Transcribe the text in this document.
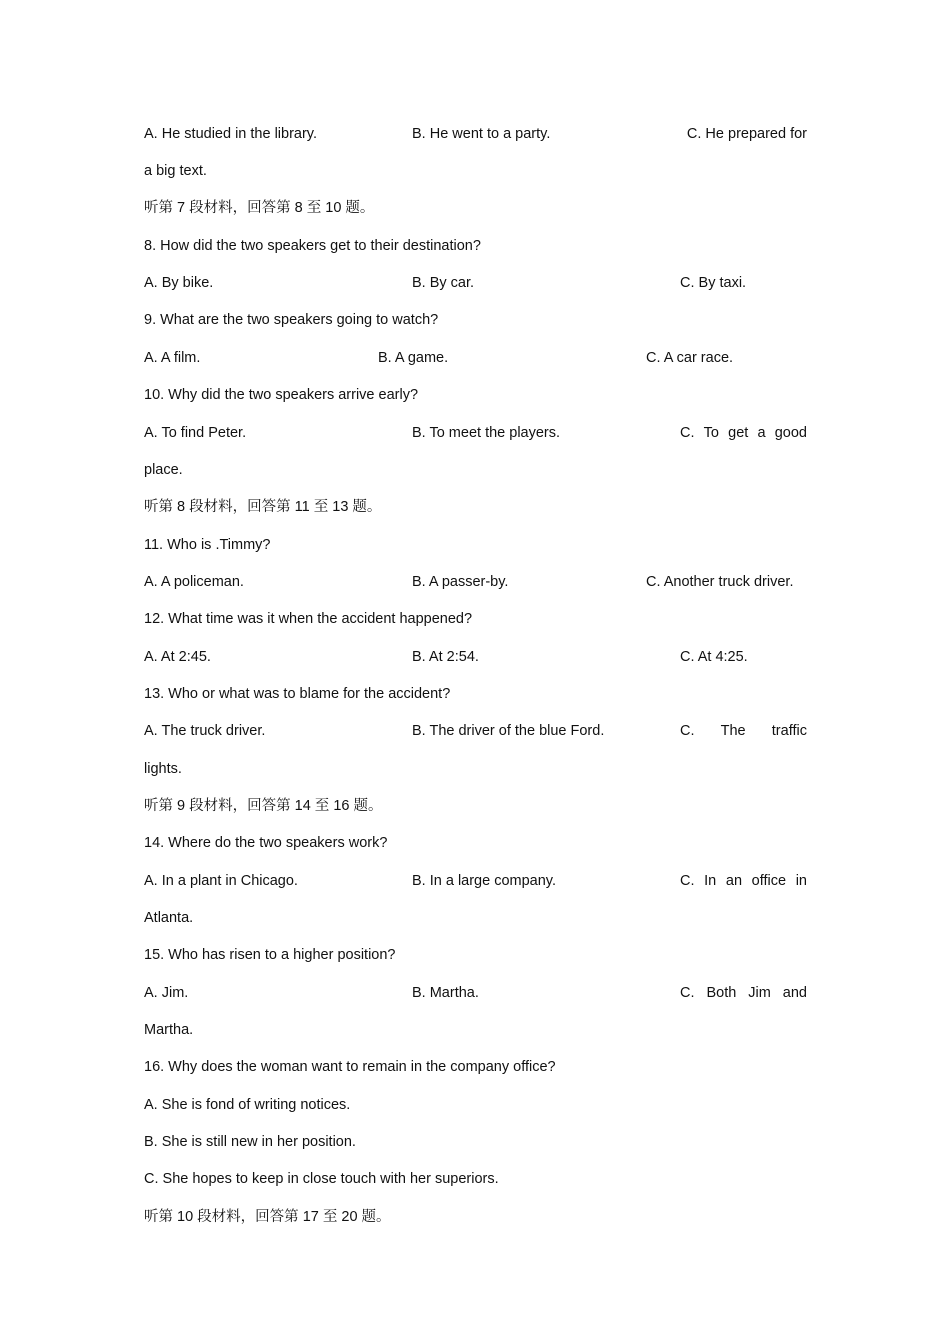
A. He studied in the library.	B. He went to a party.	C. He prepared for
a big text.
听第 7 段材料，回答第 8 至 10 题。
8. How did the two speakers get to their destination?
A. By bike.	B. By car.	C. By taxi.
9. What are the two speakers going to watch?
A. A film.	B. A game.	C. A car race.
10. Why did the two speakers arrive early?
A. To find Peter.	B. To meet the players.	C. To get a good
place.
听第 8 段材料，回答第 11 至 13 题。
11. Who is .Timmy?
A. A policeman.	B. A passer-by.	C. Another truck driver.
12. What time was it when the accident happened?
A. At 2:45.	B. At 2:54.	C. At 4:25.
13. Who or what was to blame for the accident?
A. The truck driver.	B. The driver of the blue Ford.	C. The traffic
lights.
听第 9 段材料，回答第 14 至 16 题。
14. Where do the two speakers work?
A. In a plant in Chicago.	B. In a large company.	C. In an office in
Atlanta.
15. Who has risen to a higher position?
A. Jim.	B. Martha.	C. Both Jim and
Martha.
16. Why does the woman want to remain in the company office?
A. She is fond of writing notices.
B. She is still new in her position.
C. She hopes to keep in close touch with her superiors.
听第 10 段材料，回答第 17 至 20 题。
